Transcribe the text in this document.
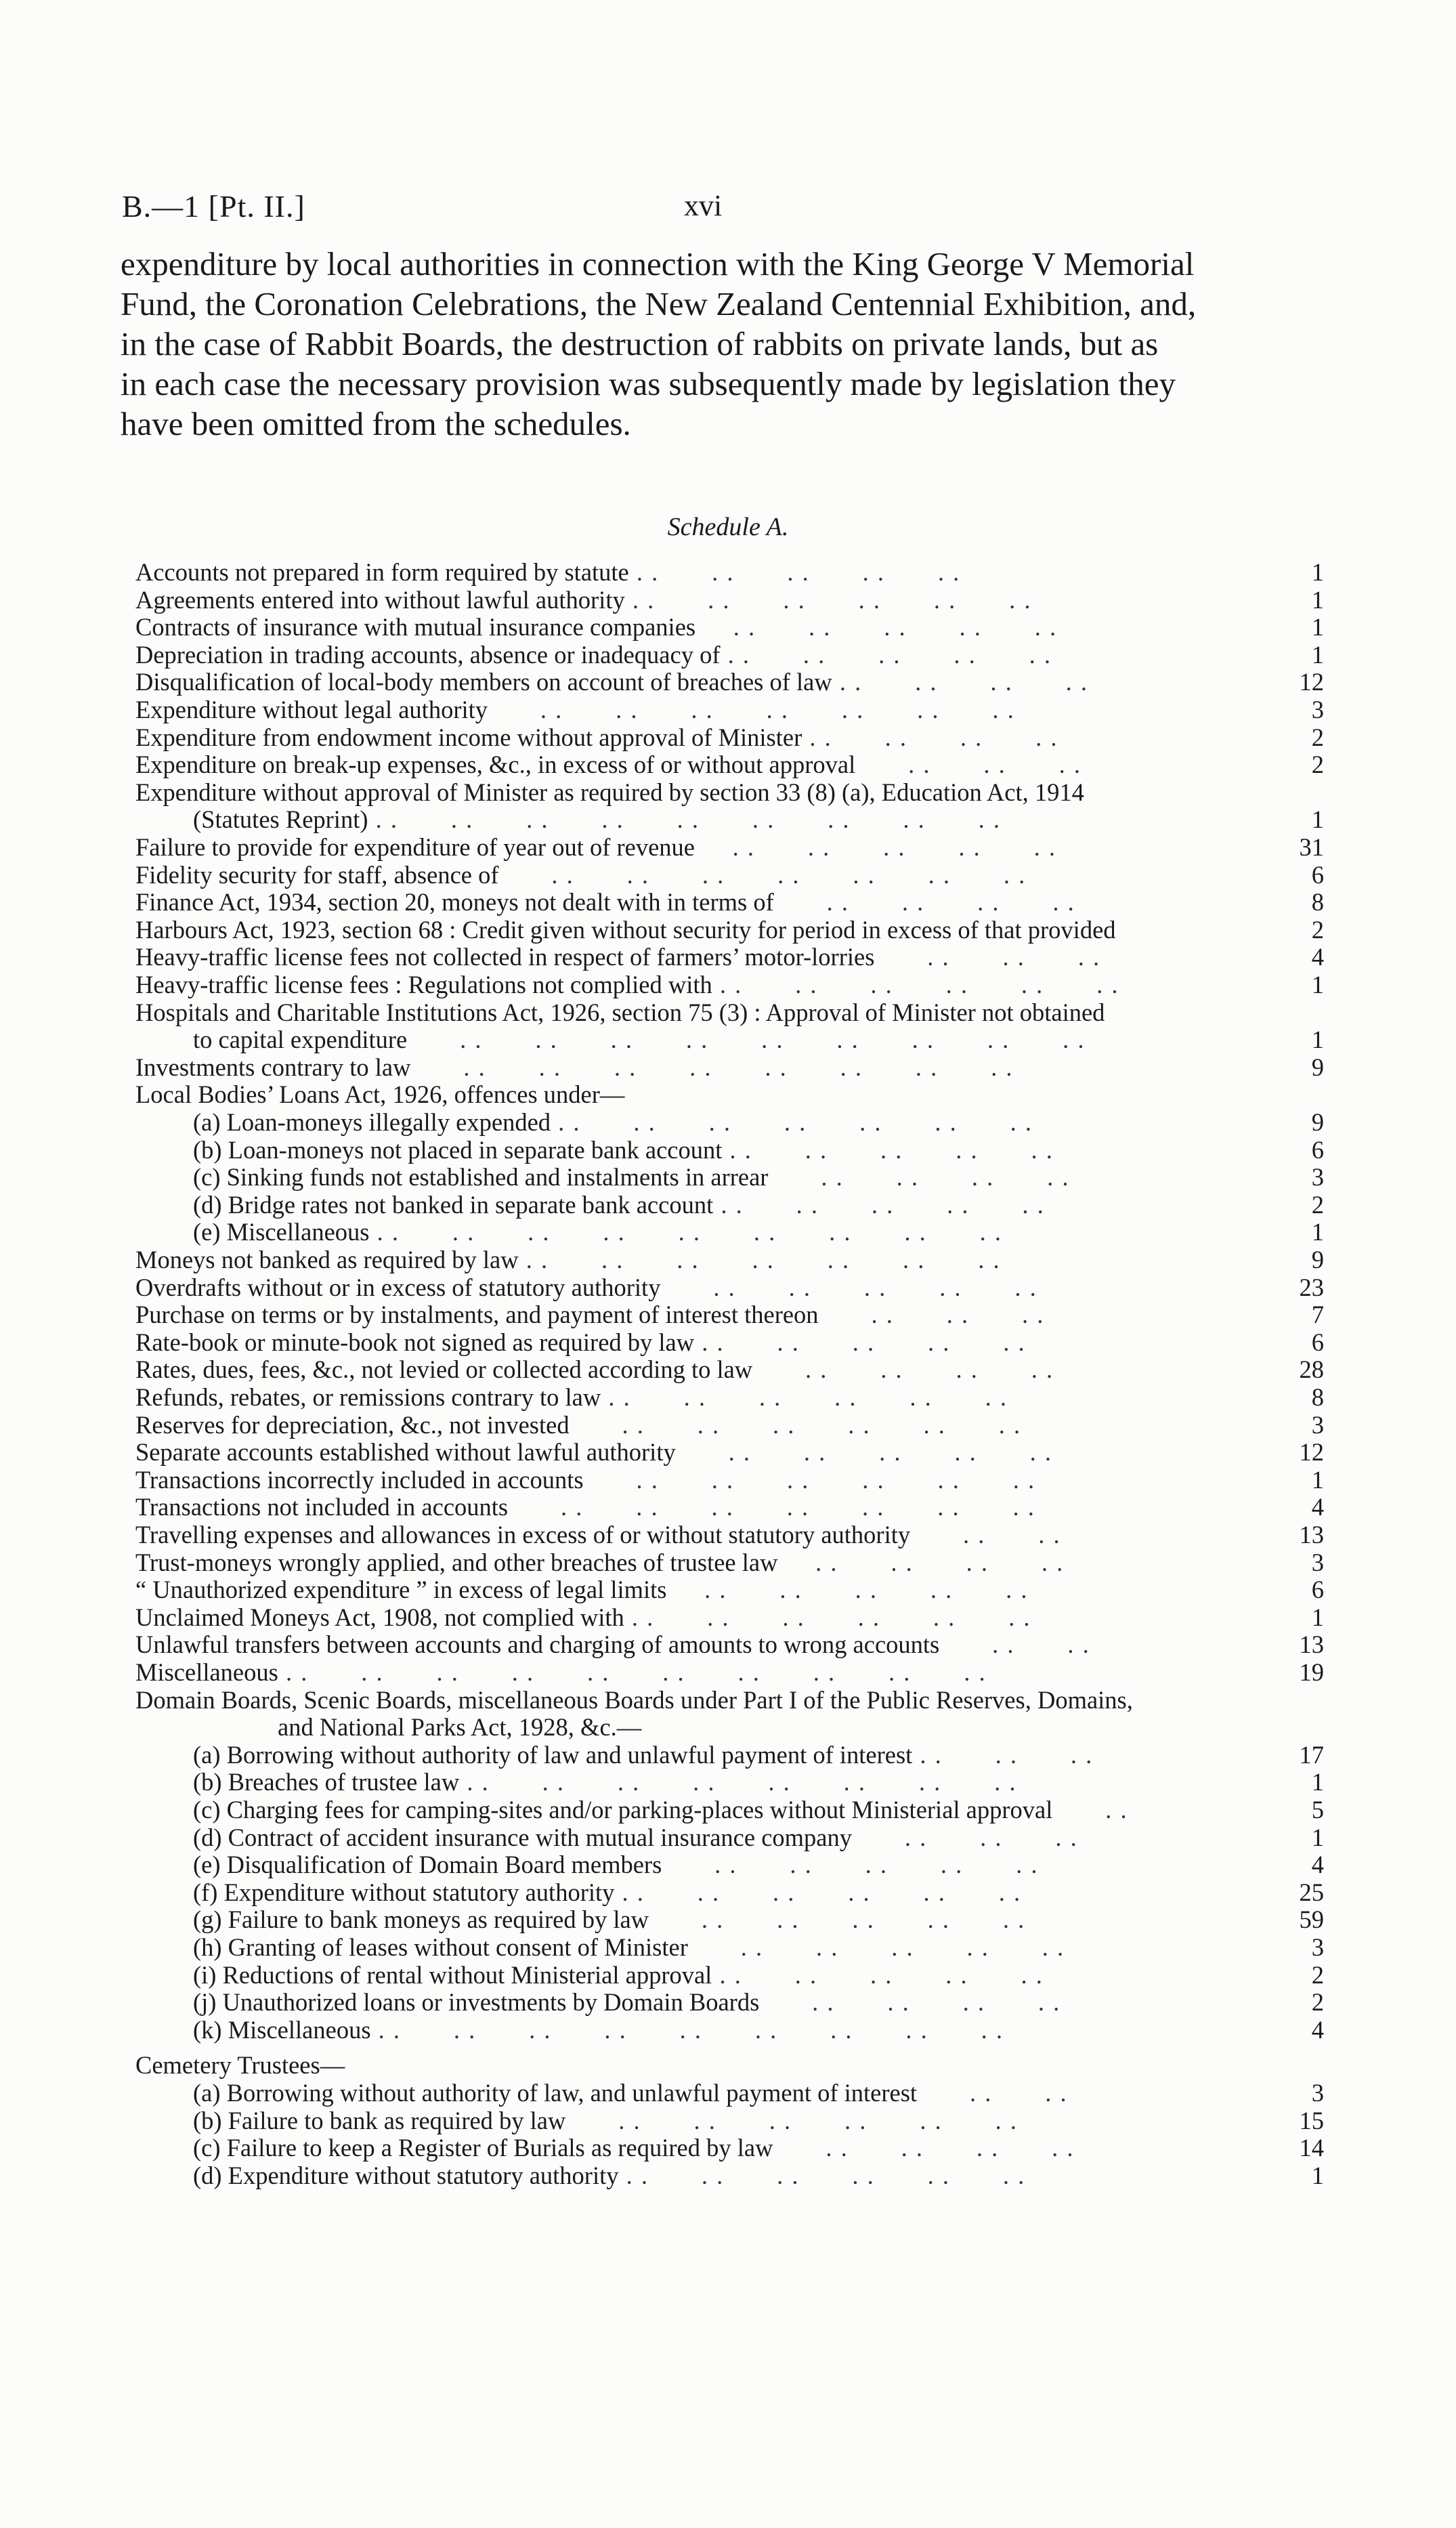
B.—1 [Pt. II.]	xvi
expenditure by local authorities in connection with the King George V Memorial
Fund, the Coronation Celebrations, the New Zealand Centennial Exhibition, and,
in the case of Rabbit Boards, the destruction of rabbits on private lands, but as
in each case the necessary provision was subsequently made by legislation they
have been omitted from the schedules.
Schedule A.
Accounts not prepared in form required by statute . .       . .       . .       . .       . .	1
Agreements entered into without lawful authority . .       . .       . .       . .       . .       . .	1
Contracts of insurance with mutual insurance companies     . .       . .       . .       . .       . .	1
Depreciation in trading accounts, absence or inadequacy of . .       . .       . .       . .       . .	1
Disqualification of local-body members on account of breaches of law . .       . .       . .       . .	12
Expenditure without legal authority       . .       . .       . .       . .       . .       . .       . .	3
Expenditure from endowment income without approval of Minister . .       . .       . .       . .	2
Expenditure on break-up expenses, &c., in excess of or without approval       . .       . .       . .	2
Expenditure without approval of Minister as required by section 33 (8) (a), Education Act, 1914
(Statutes Reprint) . .       . .       . .       . .       . .       . .       . .       . .       . .	1
Failure to provide for expenditure of year out of revenue     . .       . .       . .       . .       . .	31
Fidelity security for staff, absence of       . .       . .       . .       . .       . .       . .       . .	6
Finance Act, 1934, section 20, moneys not dealt with in terms of       . .       . .       . .       . .	8
Harbours Act, 1923, section 68 : Credit given without security for period in excess of that provided	2
Heavy-traffic license fees not collected in respect of farmers’ motor-lorries       . .       . .       . .	4
Heavy-traffic license fees : Regulations not complied with . .       . .       . .       . .       . .       . .	1
Hospitals and Charitable Institutions Act, 1926, section 75 (3) : Approval of Minister not obtained
to capital expenditure       . .       . .       . .       . .       . .       . .       . .       . .       . .	1
Investments contrary to law       . .       . .       . .       . .       . .       . .       . .       . .	9
Local Bodies’ Loans Act, 1926, offences under—
(a) Loan-moneys illegally expended . .       . .       . .       . .       . .       . .       . .	9
(b) Loan-moneys not placed in separate bank account . .       . .       . .       . .       . .	6
(c) Sinking funds not established and instalments in arrear       . .       . .       . .       . .	3
(d) Bridge rates not banked in separate bank account . .       . .       . .       . .       . .	2
(e) Miscellaneous . .       . .       . .       . .       . .       . .       . .       . .       . .	1
Moneys not banked as required by law . .       . .       . .       . .       . .       . .       . .	9
Overdrafts without or in excess of statutory authority       . .       . .       . .       . .       . .	23
Purchase on terms or by instalments, and payment of interest thereon       . .       . .       . .	7
Rate-book or minute-book not signed as required by law . .       . .       . .       . .       . .	6
Rates, dues, fees, &c., not levied or collected according to law       . .       . .       . .       . .	28
Refunds, rebates, or remissions contrary to law . .       . .       . .       . .       . .       . .	8
Reserves for depreciation, &c., not invested       . .       . .       . .       . .       . .       . .	3
Separate accounts established without lawful authority       . .       . .       . .       . .       . .	12
Transactions incorrectly included in accounts       . .       . .       . .       . .       . .       . .	1
Transactions not included in accounts       . .       . .       . .       . .       . .       . .       . .	4
Travelling expenses and allowances in excess of or without statutory authority       . .       . .	13
Trust-moneys wrongly applied, and other breaches of trustee law     . .       . .       . .       . .	3
“ Unauthorized expenditure ” in excess of legal limits     . .       . .       . .       . .       . .	6
Unclaimed Moneys Act, 1908, not complied with . .       . .       . .       . .       . .       . .	1
Unlawful transfers between accounts and charging of amounts to wrong accounts       . .       . .	13
Miscellaneous . .       . .       . .       . .       . .       . .       . .       . .       . .       . .	19
Domain Boards, Scenic Boards, miscellaneous Boards under Part I of the Public Reserves, Domains,
and National Parks Act, 1928, &c.—
(a) Borrowing without authority of law and unlawful payment of interest . .       . .       . .	17
(b) Breaches of trustee law . .       . .       . .       . .       . .       . .       . .       . .	1
(c) Charging fees for camping-sites and/or parking-places without Ministerial approval       . .	5
(d) Contract of accident insurance with mutual insurance company       . .       . .       . .	1
(e) Disqualification of Domain Board members       . .       . .       . .       . .       . .	4
(f) Expenditure without statutory authority . .       . .       . .       . .       . .       . .	25
(g) Failure to bank moneys as required by law       . .       . .       . .       . .       . .	59
(h) Granting of leases without consent of Minister       . .       . .       . .       . .       . .	3
(i) Reductions of rental without Ministerial approval . .       . .       . .       . .       . .	2
(j) Unauthorized loans or investments by Domain Boards       . .       . .       . .       . .	2
(k) Miscellaneous . .       . .       . .       . .       . .       . .       . .       . .       . .	4
Cemetery Trustees—
(a) Borrowing without authority of law, and unlawful payment of interest       . .       . .	3
(b) Failure to bank as required by law       . .       . .       . .       . .       . .       . .	15
(c) Failure to keep a Register of Burials as required by law       . .       . .       . .       . .	14
(d) Expenditure without statutory authority . .       . .       . .       . .       . .       . .	1
